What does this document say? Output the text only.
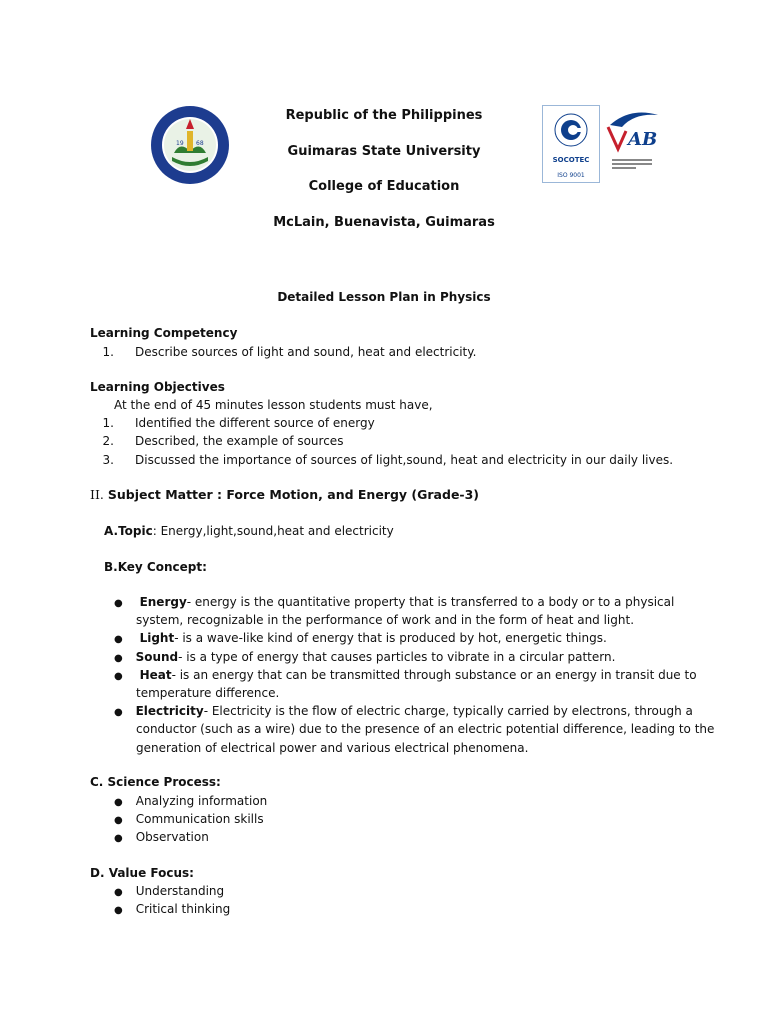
19 68
Republic of the Philippines
Guimaras State University
College of Education
McLain, Buenavista, Guimaras
SOCOTEC
ISO 9001
AB
Detailed Lesson Plan in Physics
Learning Competency
1. Describe sources of light and sound, heat and electricity.
Learning Objectives
At the end of 45 minutes lesson students must have,
1. Identified the different source of energy
2. Described, the example of sources
3. Discussed the importance of sources of light,sound, heat and electricity in our daily lives.
II. Subject Matter : Force Motion, and Energy (Grade-3)
A.Topic: Energy,light,sound,heat and electricity
B.Key Concept:
● Energy- energy is the quantitative property that is transferred to a body or to a physical
system, recognizable in the performance of work and in the form of heat and light.
● Light- is a wave-like kind of energy that is produced by hot, energetic things.
● Sound- is a type of energy that causes particles to vibrate in a circular pattern.
● Heat- is an energy that can be transmitted through substance or an energy in transit due to
temperature difference.
● Electricity- Electricity is the flow of electric charge, typically carried by electrons, through a
conductor (such as a wire) due to the presence of an electric potential difference, leading to the
generation of electrical power and various electrical phenomena.
C. Science Process:
● Analyzing information
● Communication skills
● Observation
D. Value Focus:
● Understanding
● Critical thinking
